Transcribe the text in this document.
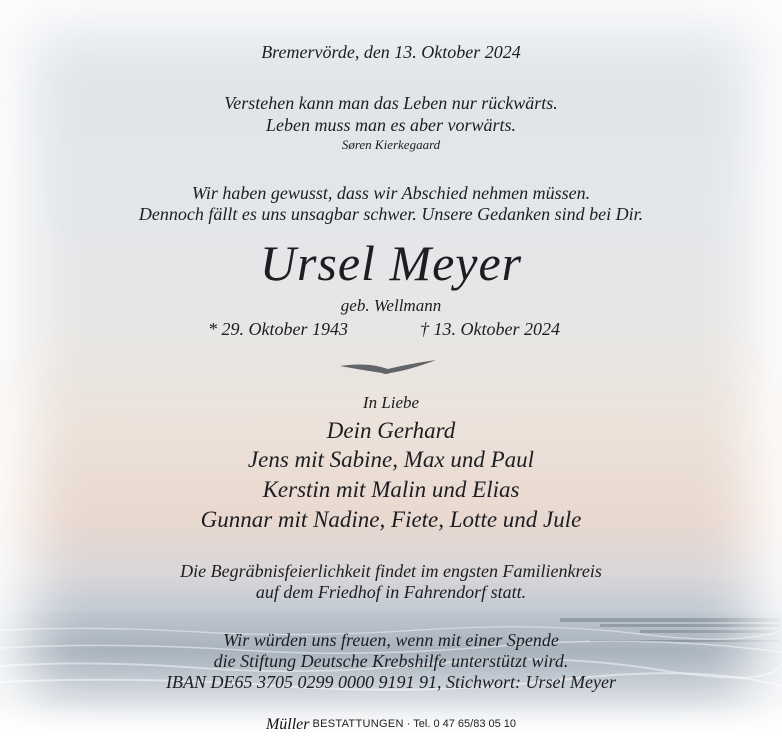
Bremervörde, den 13. Oktober 2024
Verstehen kann man das Leben nur rückwärts.
Leben muss man es aber vorwärts.
Søren Kierkegaard
Wir haben gewusst, dass wir Abschied nehmen müssen.
Dennoch fällt es uns unsagbar schwer. Unsere Gedanken sind bei Dir.
Ursel Meyer
geb. Wellmann
* 29. Oktober 1943	† 13. Oktober 2024
In Liebe
Dein Gerhard
Jens mit Sabine, Max und Paul
Kerstin mit Malin und Elias
Gunnar mit Nadine, Fiete, Lotte und Jule
Die Begräbnisfeierlichkeit findet im engsten Familienkreis
auf dem Friedhof in Fahrendorf statt.
Wir würden uns freuen, wenn mit einer Spende
die Stiftung Deutsche Krebshilfe unterstützt wird.
IBAN DE65 3705 0299 0000 9191 91, Stichwort: Ursel Meyer
Müller BESTATTUNGEN · Tel. 0 47 65/83 05 10
